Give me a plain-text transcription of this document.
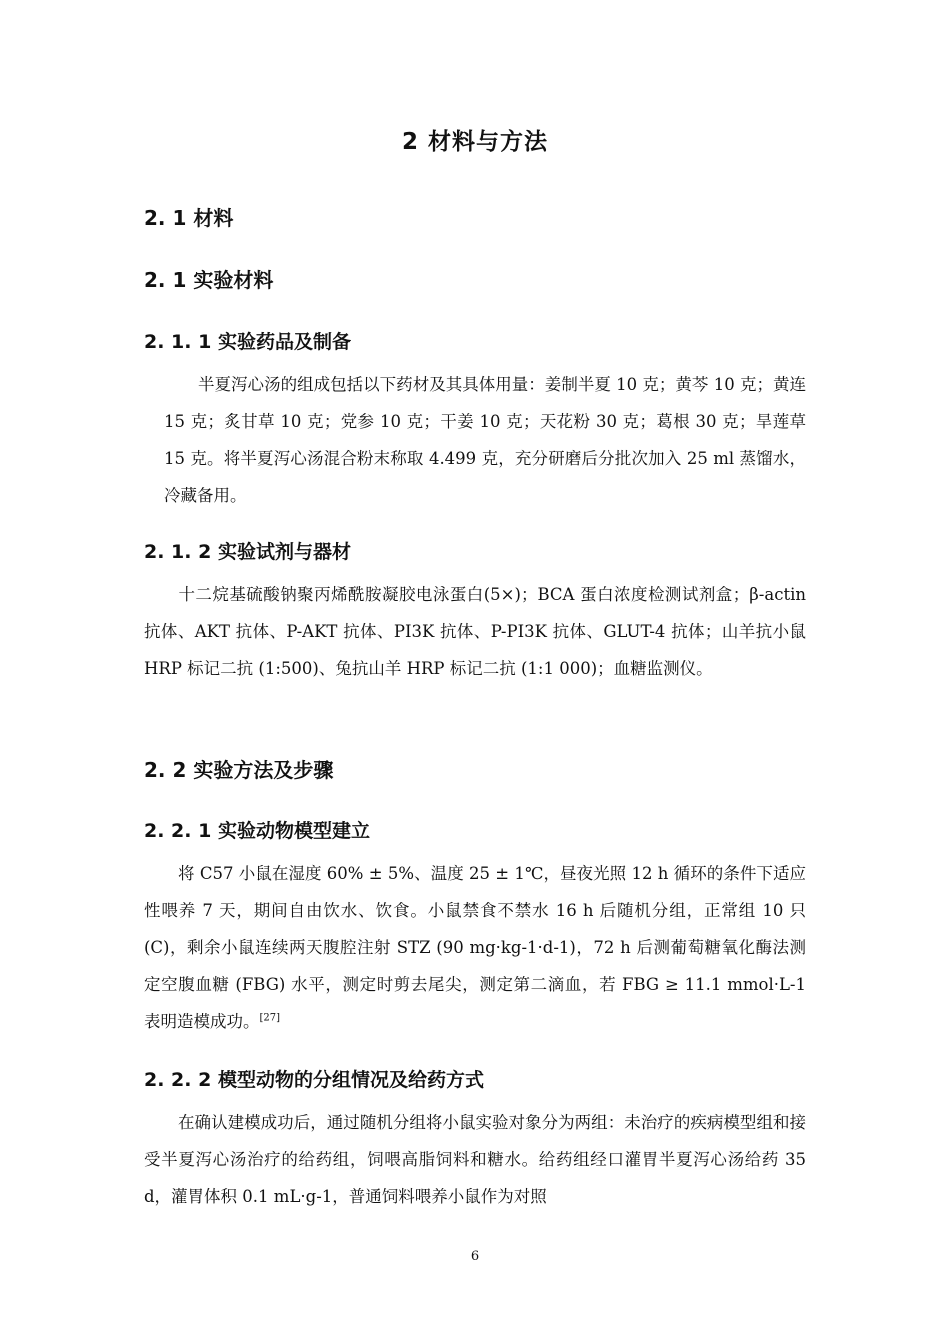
2 材料与方法
2. 1 材料
2. 1 实验材料
2. 1. 1 实验药品及制备

半夏泻心汤的组成包括以下药材及其具体用量：姜制半夏 10 克；黄芩 10 克；黄连 15 克；炙甘草 10 克；党参 10 克；干姜 10 克；天花粉 30 克；葛根 30 克；旱莲草 15 克。将半夏泻心汤混合粉末称取 4.499 克，充分研磨后分批次加入 25 ml 蒸馏水，冷藏备用。

2. 1. 2 实验试剂与器材

十二烷基硫酸钠聚丙烯酰胺凝胶电泳蛋白(5×)；BCA 蛋白浓度检测试剂盒；β-actin 抗体、AKT 抗体、P-AKT 抗体、PI3K 抗体、P-PI3K 抗体、GLUT-4 抗体；山羊抗小鼠 HRP 标记二抗 (1:500)、兔抗山羊 HRP 标记二抗 (1:1 000)；血糖监测仪。

2. 2 实验方法及步骤
2. 2. 1 实验动物模型建立

将 C57 小鼠在湿度 60% ± 5%、温度 25 ± 1℃，昼夜光照 12 h 循环的条件下适应性喂养 7 天，期间自由饮水、饮食。小鼠禁食不禁水 16 h 后随机分组，正常组 10 只 (C)，剩余小鼠连续两天腹腔注射 STZ (90 mg·kg-1·d-1)，72 h 后测葡萄糖氧化酶法测定空腹血糖 (FBG) 水平，测定时剪去尾尖，测定第二滴血，若 FBG ≥ 11.1 mmol·L-1 表明造模成功。[27]

2. 2. 2 模型动物的分组情况及给药方式

在确认建模成功后，通过随机分组将小鼠实验对象分为两组：未治疗的疾病模型组和接受半夏泻心汤治疗的给药组，饲喂高脂饲料和糖水。给药组经口灌胃半夏泻心汤给药 35 d，灌胃体积 0.1 mL·g-1，普通饲料喂养小鼠作为对照

6
